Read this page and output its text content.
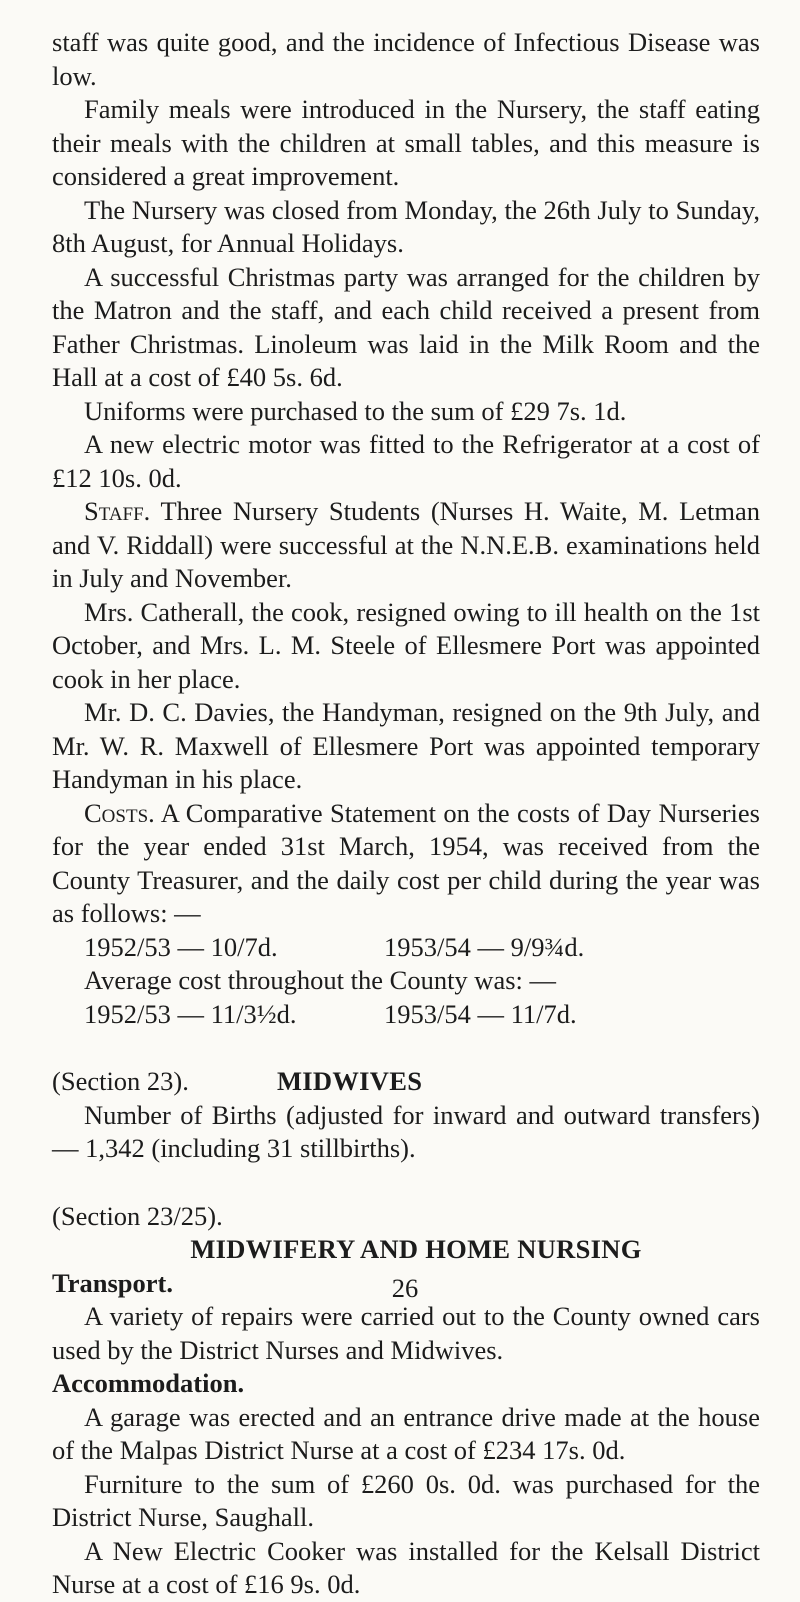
staff was quite good, and the incidence of Infectious Disease was low.

Family meals were introduced in the Nursery, the staff eating their meals with the children at small tables, and this measure is considered a great improvement.

The Nursery was closed from Monday, the 26th July to Sunday, 8th August, for Annual Holidays.

A successful Christmas party was arranged for the children by the Matron and the staff, and each child received a present from Father Christmas. Linoleum was laid in the Milk Room and the Hall at a cost of £40 5s. 6d.

Uniforms were purchased to the sum of £29 7s. 1d.

A new electric motor was fitted to the Refrigerator at a cost of £12 10s. 0d.

Staff. Three Nursery Students (Nurses H. Waite, M. Letman and V. Riddall) were successful at the N.N.E.B. examinations held in July and November.

Mrs. Catherall, the cook, resigned owing to ill health on the 1st October, and Mrs. L. M. Steele of Ellesmere Port was appointed cook in her place.

Mr. D. C. Davies, the Handyman, resigned on the 9th July, and Mr. W. R. Maxwell of Ellesmere Port was appointed temporary Handyman in his place.

Costs. A Comparative Statement on the costs of Day Nurseries for the year ended 31st March, 1954, was received from the County Treasurer, and the daily cost per child during the year was as follows: —

1952/53 — 10/7d.	1953/54 — 9/9¾d.

Average cost throughout the County was: —

1952/53 — 11/3½d.	1953/54 — 11/7d.
(Section 23).	MIDWIVES

Number of Births (adjusted for inward and outward transfers) — 1,342 (including 31 stillbirths).

(Section 23/25).

MIDWIFERY AND HOME NURSING

Transport.

A variety of repairs were carried out to the County owned cars used by the District Nurses and Midwives.

Accommodation.

A garage was erected and an entrance drive made at the house of the Malpas District Nurse at a cost of £234 17s. 0d.

Furniture to the sum of £260 0s. 0d. was purchased for the District Nurse, Saughall.

A New Electric Cooker was installed for the Kelsall District Nurse at a cost of £16 9s. 0d.

26
